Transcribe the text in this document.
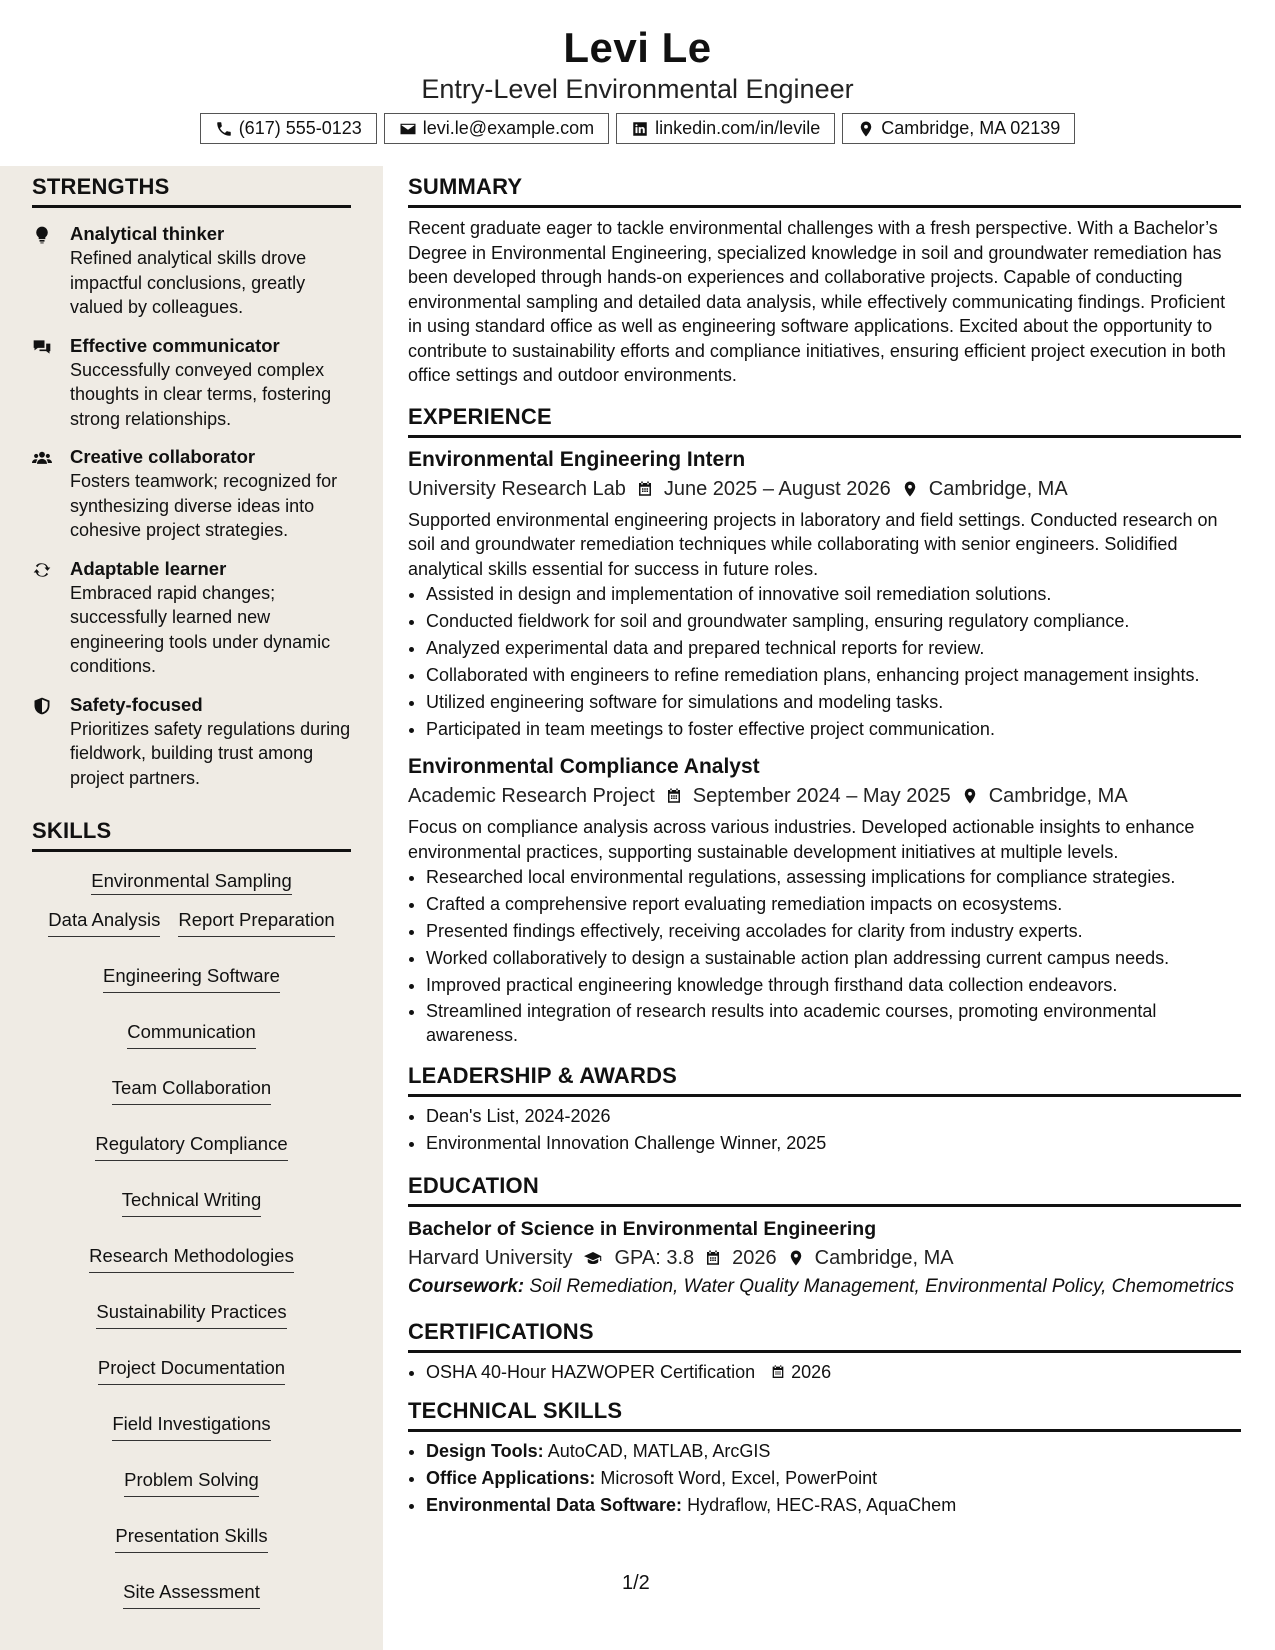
Levi Le
Entry-Level Environmental Engineer
(617) 555-0123	levi.le@example.com	linkedin.com/in/levile	Cambridge, MA 02139
STRENGTHS
Analytical thinker
Refined analytical skills drove impactful conclusions, greatly valued by colleagues.
Effective communicator
Successfully conveyed complex thoughts in clear terms, fostering strong relationships.
Creative collaborator
Fosters teamwork; recognized for synthesizing diverse ideas into cohesive project strategies.
Adaptable learner
Embraced rapid changes; successfully learned new engineering tools under dynamic conditions.
Safety-focused
Prioritizes safety regulations during fieldwork, building trust among project partners.
SKILLS
Environmental Sampling
Data Analysis Report Preparation
Engineering Software
Communication
Team Collaboration
Regulatory Compliance
Technical Writing
Research Methodologies
Sustainability Practices
Project Documentation
Field Investigations
Problem Solving
Presentation Skills
Site Assessment
SUMMARY
Recent graduate eager to tackle environmental challenges with a fresh perspective. With a Bachelor’s Degree in Environmental Engineering, specialized knowledge in soil and groundwater remediation has been developed through hands-on experiences and collaborative projects. Capable of conducting environmental sampling and detailed data analysis, while effectively communicating findings. Proficient in using standard office as well as engineering software applications. Excited about the opportunity to contribute to sustainability efforts and compliance initiatives, ensuring efficient project execution in both office settings and outdoor environments.
EXPERIENCE
Environmental Engineering Intern
University Research Lab June 2025 – August 2026 Cambridge, MA
Supported environmental engineering projects in laboratory and field settings. Conducted research on soil and groundwater remediation techniques while collaborating with senior engineers. Solidified analytical skills essential for success in future roles.
• Assisted in design and implementation of innovative soil remediation solutions.
• Conducted fieldwork for soil and groundwater sampling, ensuring regulatory compliance.
• Analyzed experimental data and prepared technical reports for review.
• Collaborated with engineers to refine remediation plans, enhancing project management insights.
• Utilized engineering software for simulations and modeling tasks.
• Participated in team meetings to foster effective project communication.
Environmental Compliance Analyst
Academic Research Project September 2024 – May 2025 Cambridge, MA
Focus on compliance analysis across various industries. Developed actionable insights to enhance environmental practices, supporting sustainable development initiatives at multiple levels.
• Researched local environmental regulations, assessing implications for compliance strategies.
• Crafted a comprehensive report evaluating remediation impacts on ecosystems.
• Presented findings effectively, receiving accolades for clarity from industry experts.
• Worked collaboratively to design a sustainable action plan addressing current campus needs.
• Improved practical engineering knowledge through firsthand data collection endeavors.
• Streamlined integration of research results into academic courses, promoting environmental awareness.
LEADERSHIP & AWARDS
• Dean's List, 2024-2026
• Environmental Innovation Challenge Winner, 2025
EDUCATION
Bachelor of Science in Environmental Engineering
Harvard University GPA: 3.8 2026 Cambridge, MA
Coursework: Soil Remediation, Water Quality Management, Environmental Policy, Chemometrics
CERTIFICATIONS
• OSHA 40-Hour HAZWOPER Certification 2026
TECHNICAL SKILLS
• Design Tools: AutoCAD, MATLAB, ArcGIS
• Office Applications: Microsoft Word, Excel, PowerPoint
• Environmental Data Software: Hydraflow, HEC-RAS, AquaChem
1/2
